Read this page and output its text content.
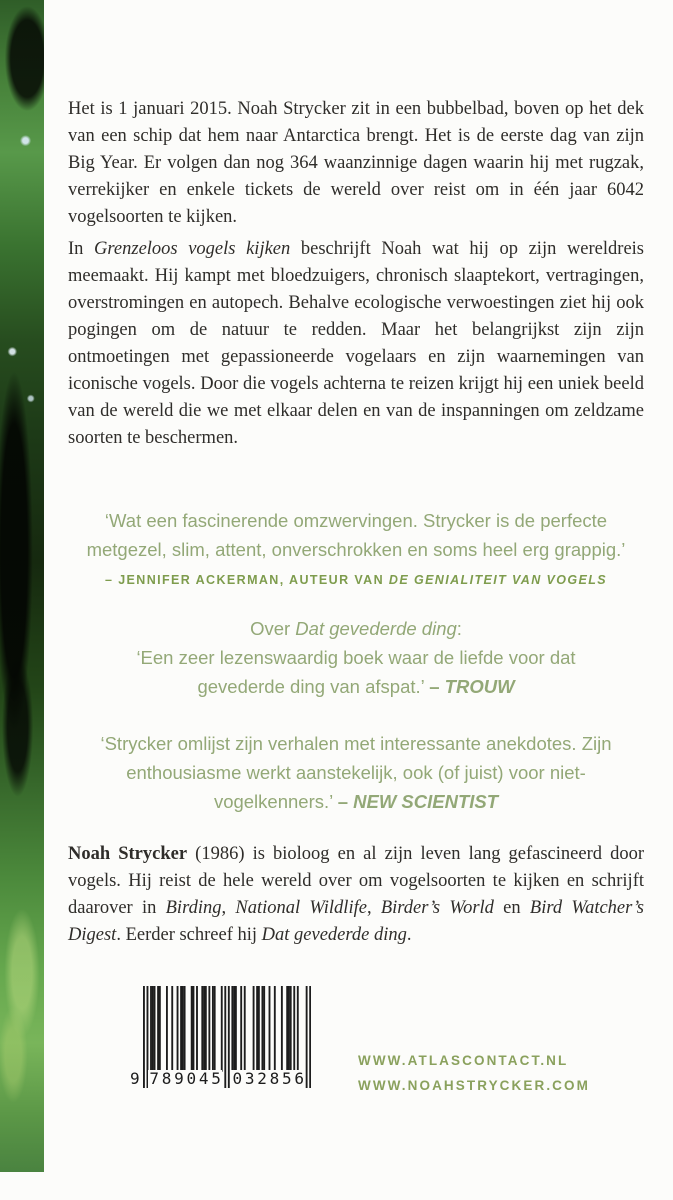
Het is 1 januari 2015. Noah Strycker zit in een bubbelbad, boven op het dek van een schip dat hem naar Antarctica brengt. Het is de eerste dag van zijn Big Year. Er volgen dan nog 364 waanzinnige dagen waarin hij met rugzak, verrekijker en enkele tickets de wereld over reist om in één jaar 6042 vogelsoorten te kijken.

In Grenzeloos vogels kijken beschrijft Noah wat hij op zijn wereldreis meemaakt. Hij kampt met bloedzuigers, chronisch slaaptekort, vertragingen, overstromingen en autopech. Behalve ecologische verwoestingen ziet hij ook pogingen om de natuur te redden. Maar het belangrijkst zijn zijn ontmoetingen met gepassioneerde vogelaars en zijn waarnemingen van iconische vogels. Door die vogels achterna te reizen krijgt hij een uniek beeld van de wereld die we met elkaar delen en van de inspanningen om zeldzame soorten te beschermen.

‘Wat een fascinerende omzwervingen. Strycker is de perfecte metgezel, slim, attent, onverschrokken en soms heel erg grappig.’

– JENNIFER ACKERMAN, AUTEUR VAN DE GENIALITEIT VAN VOGELS

Over Dat gevederde ding:

‘Een zeer lezenswaardig boek waar de liefde voor dat gevederde ding van afspat.’ – TROUW

‘Strycker omlijst zijn verhalen met interessante anekdotes. Zijn enthousiasme werkt aanstekelijk, ook (of juist) voor niet-vogelkenners.’ – NEW SCIENTIST

Noah Strycker (1986) is bioloog en al zijn leven lang gefascineerd door vogels. Hij reist de hele wereld over om vogelsoorten te kijken en schrijft daarover in Birding, National Wildlife, Birder’s World en Bird Watcher’s Digest. Eerder schreef hij Dat gevederde ding.

9 7 8 9 0 4 5 0 3 2 8 5 6
WWW.ATLASCONTACT.NL
WWW.NOAHSTRYCKER.COM
